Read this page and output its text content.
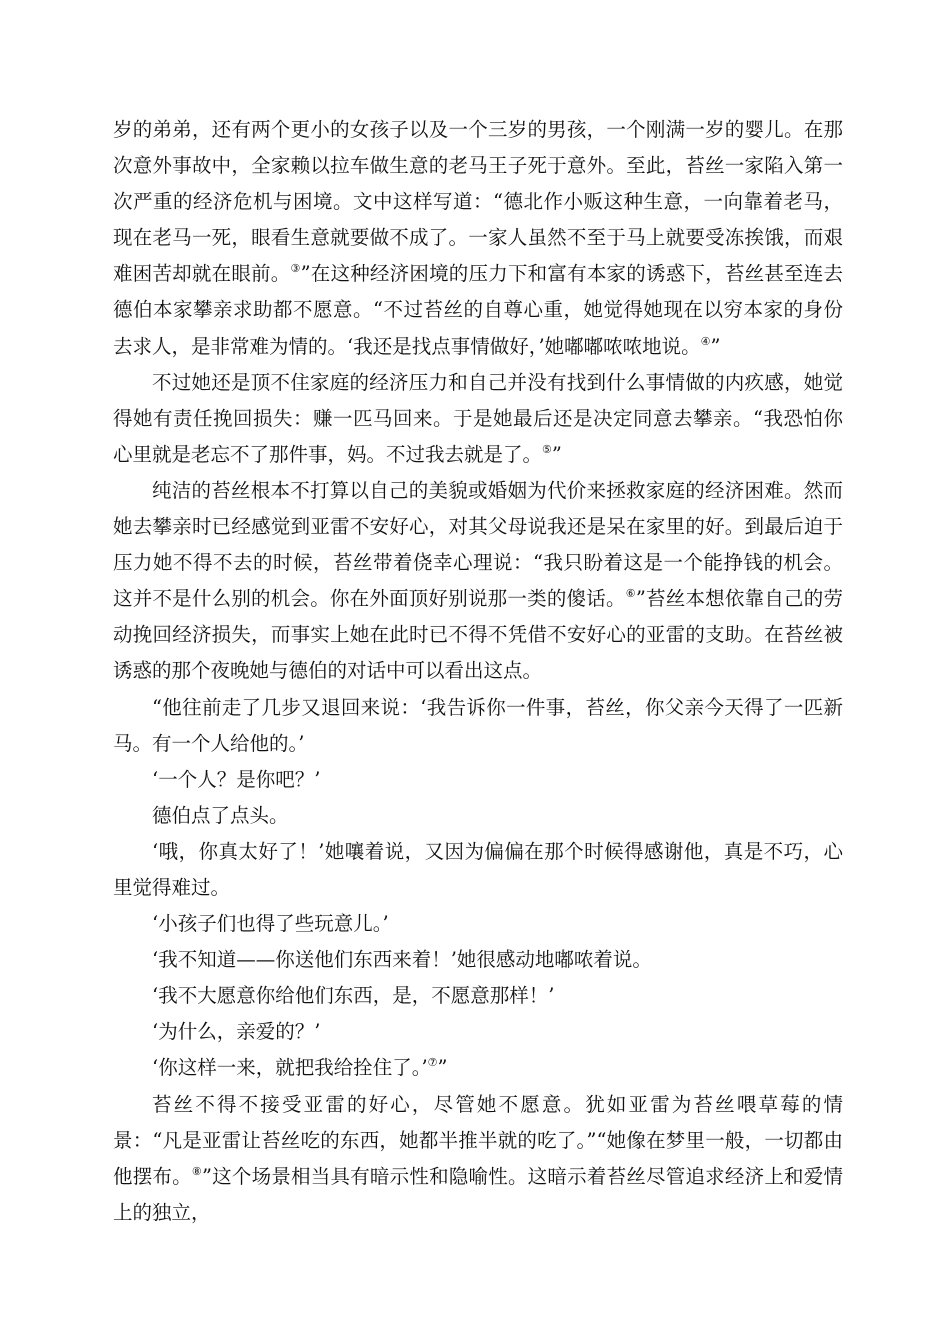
岁的弟弟，还有两个更小的女孩子以及一个三岁的男孩，一个刚满一岁的婴儿。在那次意外事故中，全家赖以拉车做生意的老马王子死于意外。至此，苔丝一家陷入第一次严重的经济危机与困境。文中这样写道：“德北作小贩这种生意，一向靠着老马，现在老马一死，眼看生意就要做不成了。一家人虽然不至于马上就要受冻挨饿，而艰难困苦却就在眼前。③”在这种经济困境的压力下和富有本家的诱惑下，苔丝甚至连去德伯本家攀亲求助都不愿意。“不过苔丝的自尊心重，她觉得她现在以穷本家的身份去求人，是非常难为情的。‘我还是找点事情做好，’她嘟嘟哝哝地说。④”

不过她还是顶不住家庭的经济压力和自己并没有找到什么事情做的内疚感，她觉得她有责任挽回损失：赚一匹马回来。于是她最后还是决定同意去攀亲。“我恐怕你心里就是老忘不了那件事，妈。不过我去就是了。⑤”

纯洁的苔丝根本不打算以自己的美貌或婚姻为代价来拯救家庭的经济困难。然而她去攀亲时已经感觉到亚雷不安好心，对其父母说我还是呆在家里的好。到最后迫于压力她不得不去的时候，苔丝带着侥幸心理说：“我只盼着这是一个能挣钱的机会。这并不是什么别的机会。你在外面顶好别说那一类的傻话。⑥”苔丝本想依靠自己的劳动挽回经济损失，而事实上她在此时已不得不凭借不安好心的亚雷的支助。在苔丝被诱惑的那个夜晚她与德伯的对话中可以看出这点。

“他往前走了几步又退回来说：‘我告诉你一件事，苔丝，你父亲今天得了一匹新马。有一个人给他的。’

‘一个人？是你吧？’

德伯点了点头。

‘哦，你真太好了！’她嚷着说，又因为偏偏在那个时候得感谢他，真是不巧，心里觉得难过。

‘小孩子们也得了些玩意儿。’

‘我不知道——你送他们东西来着！’她很感动地嘟哝着说。

‘我不大愿意你给他们东西，是，不愿意那样！’

‘为什么，亲爱的？’

‘你这样一来，就把我给拴住了。’⑦”

苔丝不得不接受亚雷的好心，尽管她不愿意。犹如亚雷为苔丝喂草莓的情景：“凡是亚雷让苔丝吃的东西，她都半推半就的吃了。”“她像在梦里一般，一切都由他摆布。⑧”这个场景相当具有暗示性和隐喻性。这暗示着苔丝尽管追求经济上和爱情上的独立，
